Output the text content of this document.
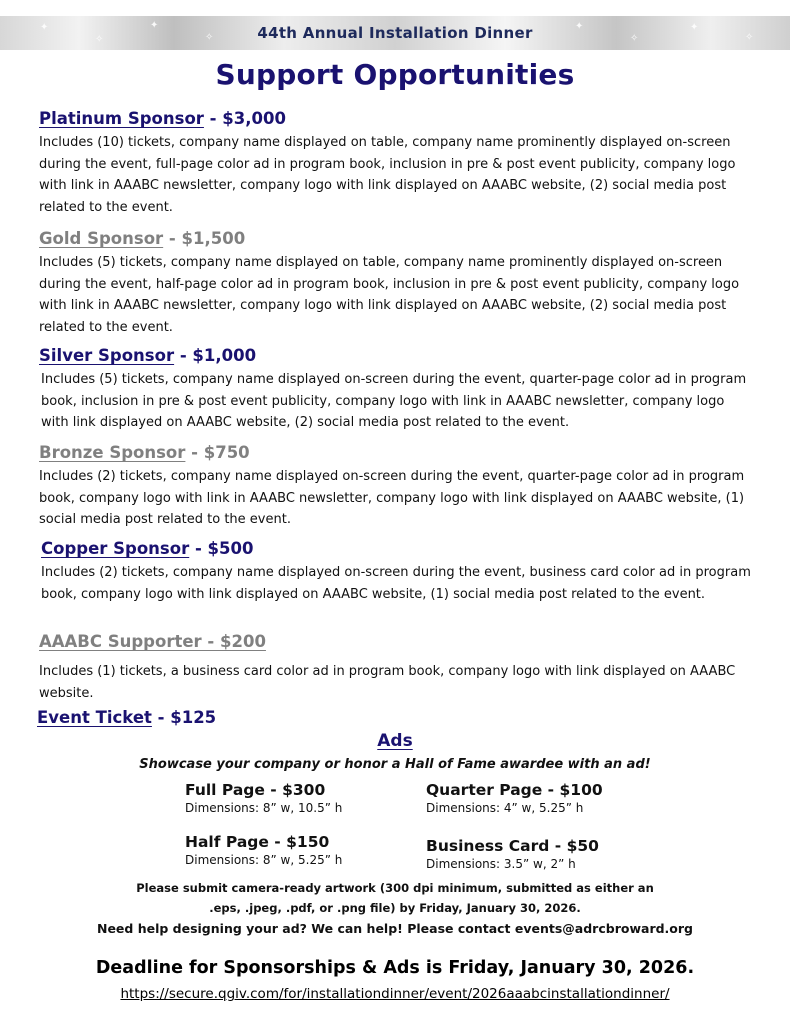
✦
✧
✦
✧
✦
✧
✦
✧
44th Annual Installation Dinner
Support Opportunities
Platinum Sponsor - $3,000
Includes (10) tickets, company name displayed on table, company name prominently displayed on-screen during the event, full-page color ad in program book, inclusion in pre & post event publicity, company logo with link in AAABC newsletter, company logo with link displayed on AAABC website, (2) social media post related to the event.
Gold Sponsor - $1,500
Includes (5) tickets, company name displayed on table, company name prominently displayed on-screen during the event, half-page color ad in program book, inclusion in pre & post event publicity, company logo with link in AAABC newsletter, company logo with link displayed on AAABC website, (2) social media post related to the event.
Silver Sponsor - $1,000
Includes (5) tickets, company name displayed on-screen during the event, quarter-page color ad in program book, inclusion in pre & post event publicity, company logo with link in AAABC newsletter, company logo with link displayed on AAABC website, (2) social media post related to the event.
Bronze Sponsor - $750
Includes (2) tickets, company name displayed on-screen during the event, quarter-page color ad in program book, company logo with link in AAABC newsletter, company logo with link displayed on AAABC website, (1) social media post related to the event.
Copper Sponsor - $500
Includes (2) tickets, company name displayed on-screen during the event, business card color ad in program book, company logo with link displayed on AAABC website, (1) social media post related to the event.
AAABC Supporter - $200
Includes (1) tickets, a business card color ad in program book, company logo with link displayed on AAABC website.
Event Ticket - $125
Ads
Showcase your company or honor a Hall of Fame awardee with an ad!
Full Page - $300
Dimensions: 8” w, 10.5” h
Quarter Page - $100
Dimensions: 4” w, 5.25” h
Half Page - $150
Dimensions: 8” w, 5.25” h
Business Card - $50
Dimensions: 3.5” w, 2” h
Please submit camera-ready artwork (300 dpi minimum, submitted as either an
.eps, .jpeg, .pdf, or .png file) by Friday, January 30, 2026.
Need help designing your ad? We can help! Please contact events@adrcbroward.org
Deadline for Sponsorships & Ads is Friday, January 30, 2026.
https://secure.qgiv.com/for/installationdinner/event/2026aaabcinstallationdinner/
